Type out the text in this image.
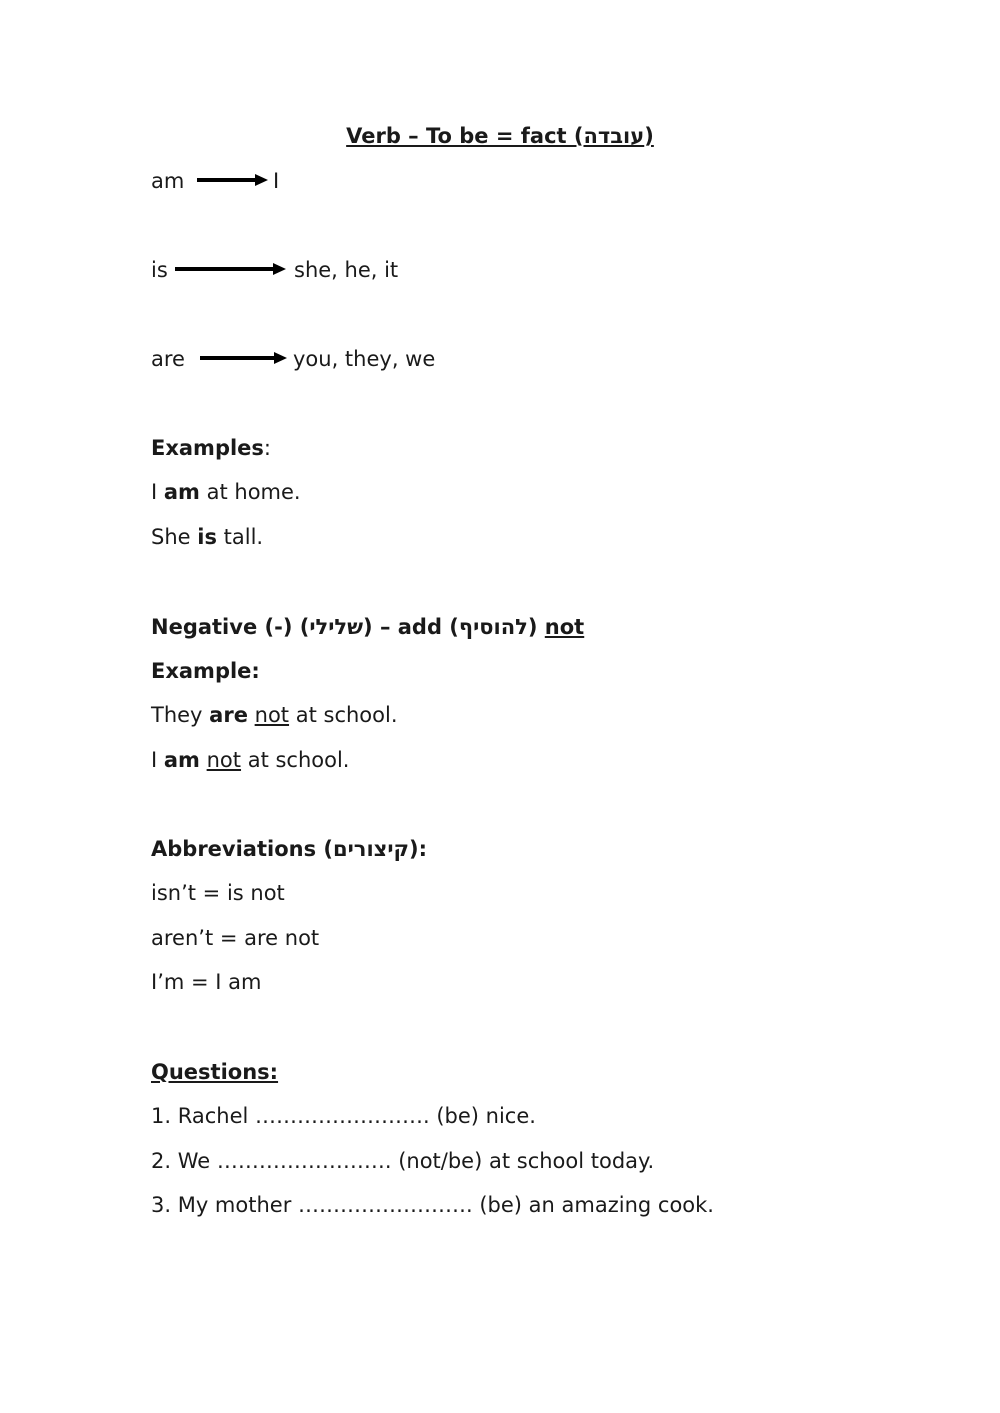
Verb – To be = fact (עובדה)
am	I
is	she, he, it
are	you, they, we
Examples:
I am at home.
She is tall.
Negative (-) (שלילי) – add (להוסיף) not
Example:
They are not at school.
I am not at school.
Abbreviations (קיצורים):
isn’t = is not
aren’t = are not
I’m = I am
Questions:
1. Rachel ……………………. (be) nice.
2. We ……………………. (not/be) at school today.
3. My mother ……………………. (be) an amazing cook.
